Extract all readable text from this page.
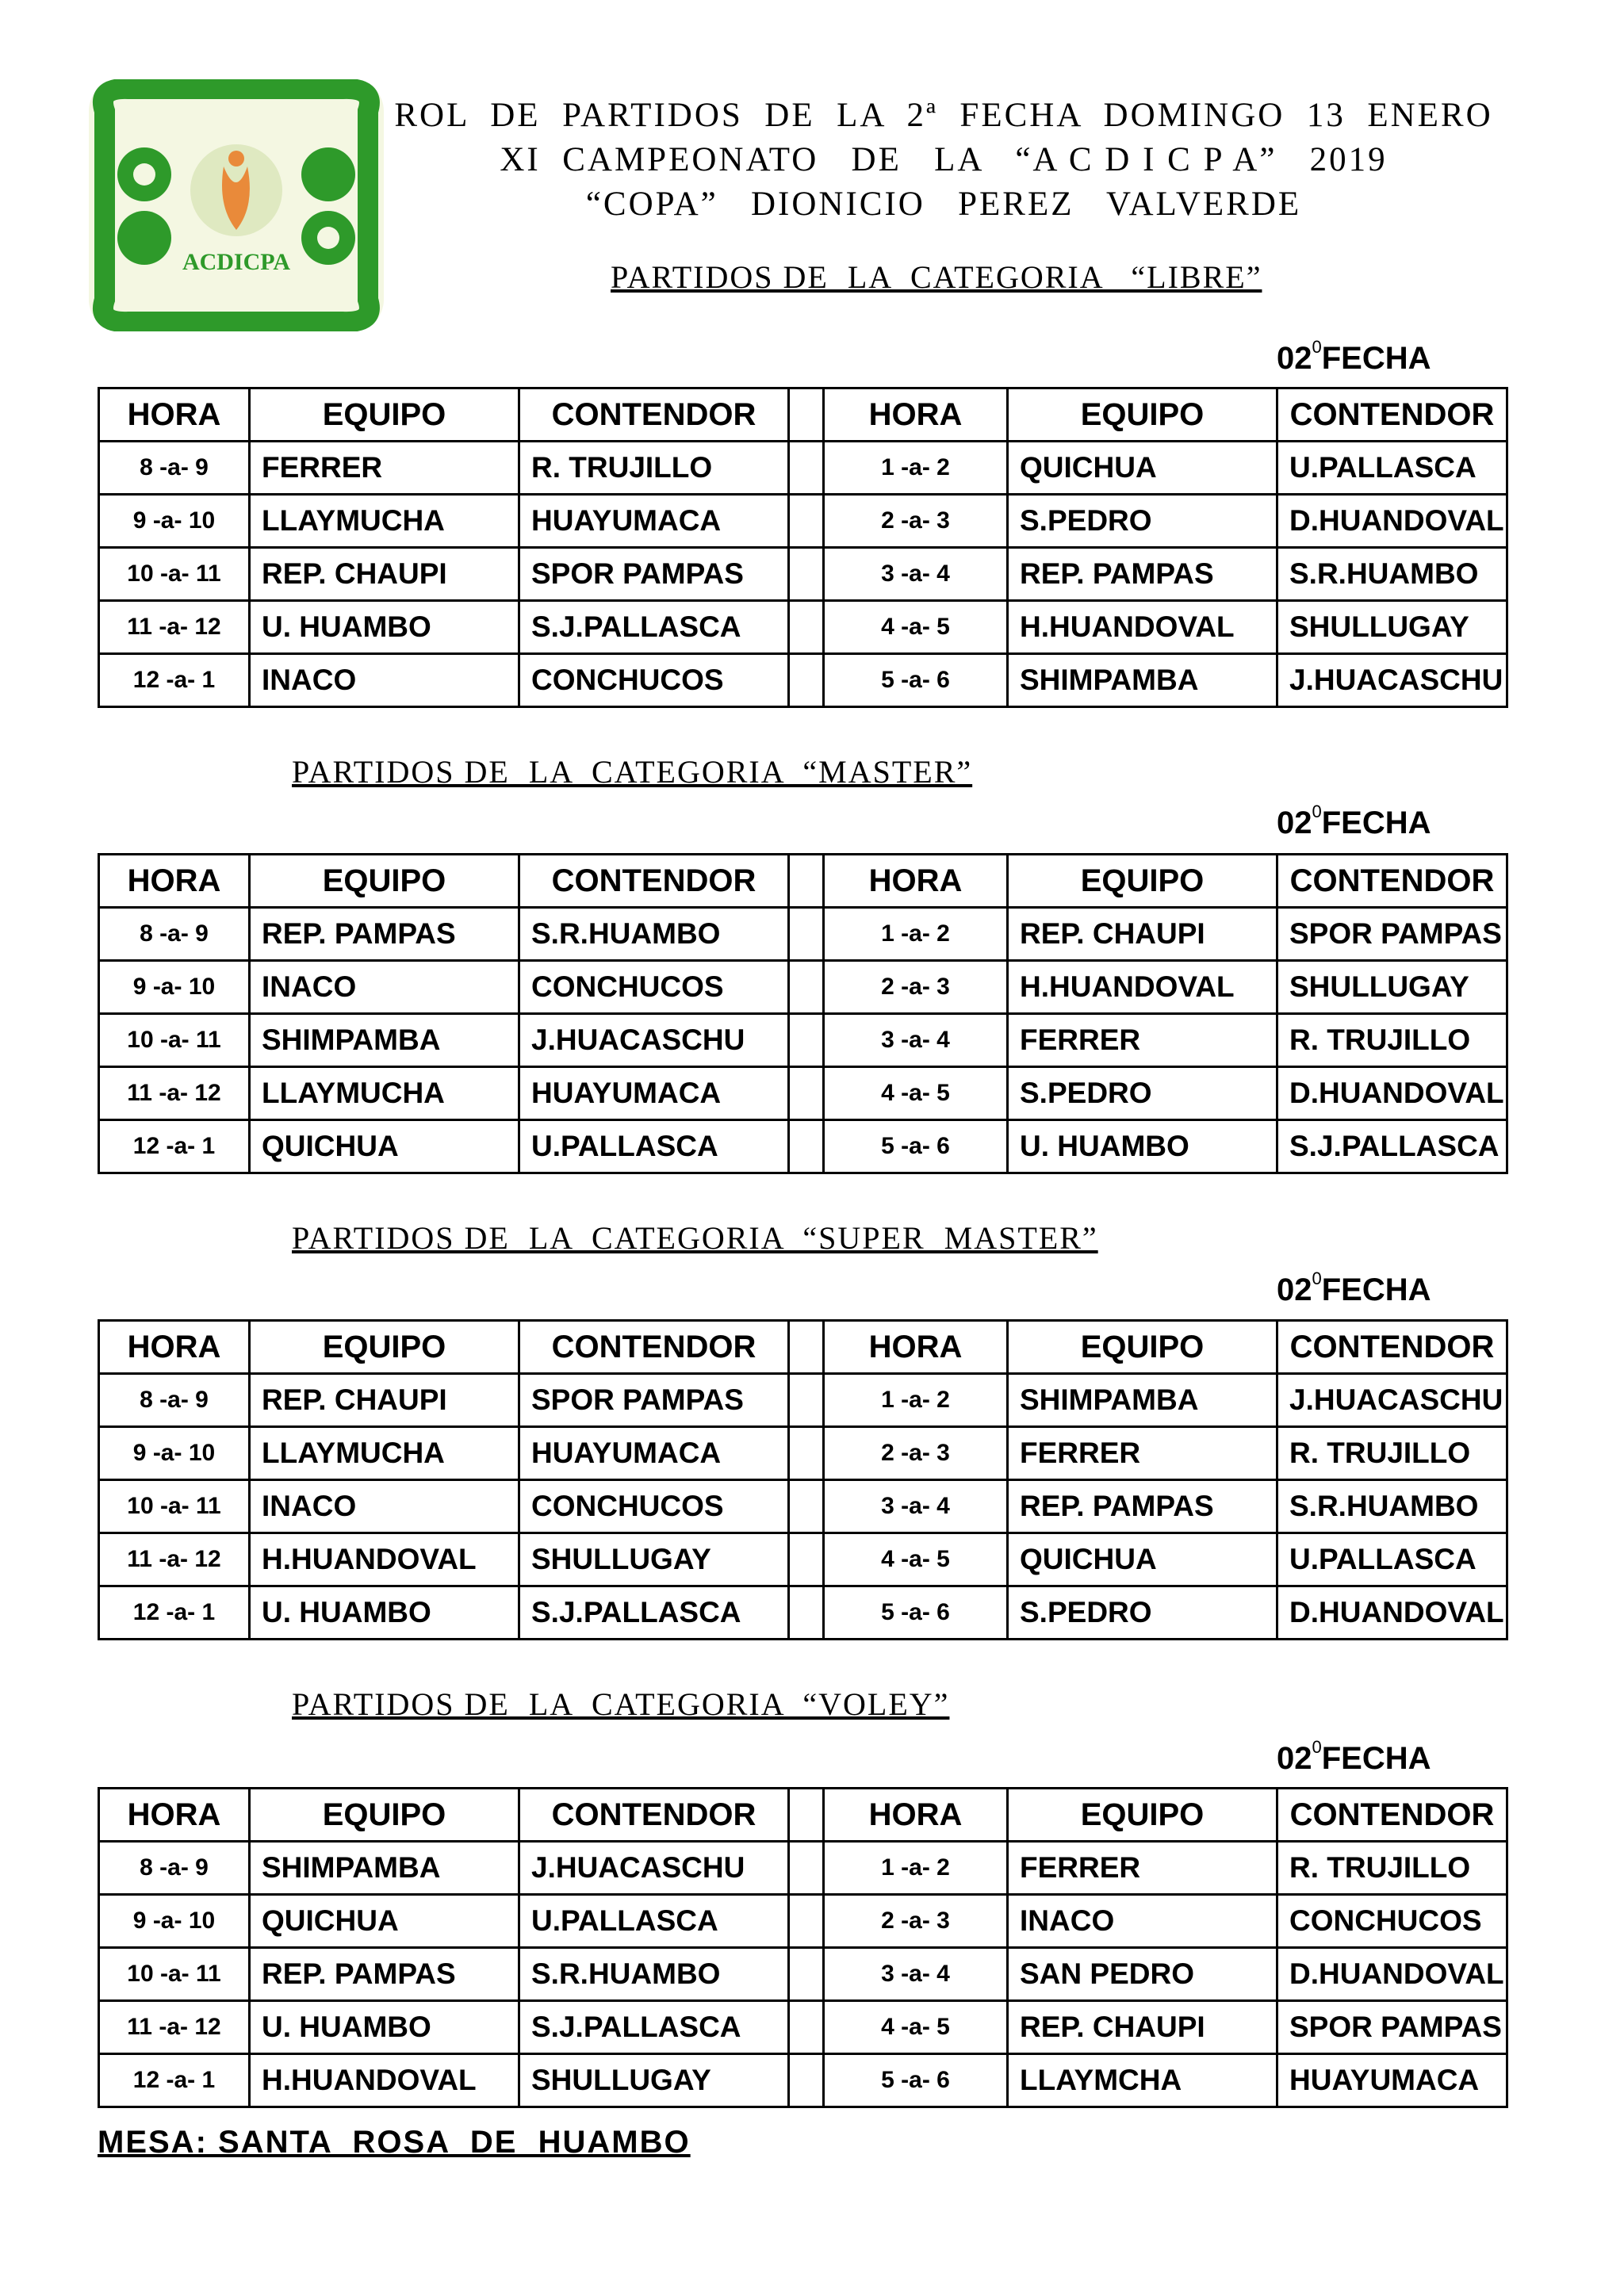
ACDICPA
ROL  DE  PARTIDOS  DE  LA  2ª  FECHA  DOMINGO  13  ENERO
XI  CAMPEONATO   DE   LA   “A C D I C P A”   2019
“COPA”   DIONICIO   PEREZ   VALVERDE
PARTIDOS DE  LA  CATEGORIA   “LIBRE”
PARTIDOS DE  LA  CATEGORIA  “MASTER”
PARTIDOS DE  LA  CATEGORIA  “SUPER  MASTER”
PARTIDOS DE  LA  CATEGORIA  “VOLEY”
$02^0FECHA$
$02^0FECHA$
$02^0FECHA$
$02^0FECHA$
HORA	EQUIPO	CONTENDOR		HORA	EQUIPO	CONTENDOR
8 -a- 9	FERRER	R. TRUJILLO		1 -a- 2	QUICHUA	U.PALLASCA
9 -a- 10	LLAYMUCHA	HUAYUMACA		2 -a- 3	S.PEDRO	D.HUANDOVAL
10 -a- 11	REP. CHAUPI	SPOR PAMPAS		3 -a- 4	REP. PAMPAS	S.R.HUAMBO
11 -a- 12	U. HUAMBO	S.J.PALLASCA		4 -a- 5	H.HUANDOVAL	SHULLUGAY
12 -a- 1	INACO	CONCHUCOS		5 -a- 6	SHIMPAMBA	J.HUACASCHU
HORA	EQUIPO	CONTENDOR		HORA	EQUIPO	CONTENDOR
8 -a- 9	REP. PAMPAS	S.R.HUAMBO		1 -a- 2	REP. CHAUPI	SPOR PAMPAS
9 -a- 10	INACO	CONCHUCOS		2 -a- 3	H.HUANDOVAL	SHULLUGAY
10 -a- 11	SHIMPAMBA	J.HUACASCHU		3 -a- 4	FERRER	R. TRUJILLO
11 -a- 12	LLAYMUCHA	HUAYUMACA		4 -a- 5	S.PEDRO	D.HUANDOVAL
12 -a- 1	QUICHUA	U.PALLASCA		5 -a- 6	U. HUAMBO	S.J.PALLASCA
HORA	EQUIPO	CONTENDOR		HORA	EQUIPO	CONTENDOR
8 -a- 9	REP. CHAUPI	SPOR PAMPAS		1 -a- 2	SHIMPAMBA	J.HUACASCHU
9 -a- 10	LLAYMUCHA	HUAYUMACA		2 -a- 3	FERRER	R. TRUJILLO
10 -a- 11	INACO	CONCHUCOS		3 -a- 4	REP. PAMPAS	S.R.HUAMBO
11 -a- 12	H.HUANDOVAL	SHULLUGAY		4 -a- 5	QUICHUA	U.PALLASCA
12 -a- 1	U. HUAMBO	S.J.PALLASCA		5 -a- 6	S.PEDRO	D.HUANDOVAL
HORA	EQUIPO	CONTENDOR		HORA	EQUIPO	CONTENDOR
8 -a- 9	SHIMPAMBA	J.HUACASCHU		1 -a- 2	FERRER	R. TRUJILLO
9 -a- 10	QUICHUA	U.PALLASCA		2 -a- 3	INACO	CONCHUCOS
10 -a- 11	REP. PAMPAS	S.R.HUAMBO		3 -a- 4	SAN PEDRO	D.HUANDOVAL
11 -a- 12	U. HUAMBO	S.J.PALLASCA		4 -a- 5	REP. CHAUPI	SPOR PAMPAS
12 -a- 1	H.HUANDOVAL	SHULLUGAY		5 -a- 6	LLAYMCHA	HUAYUMACA
MESA: SANTA  ROSA  DE  HUAMBO
